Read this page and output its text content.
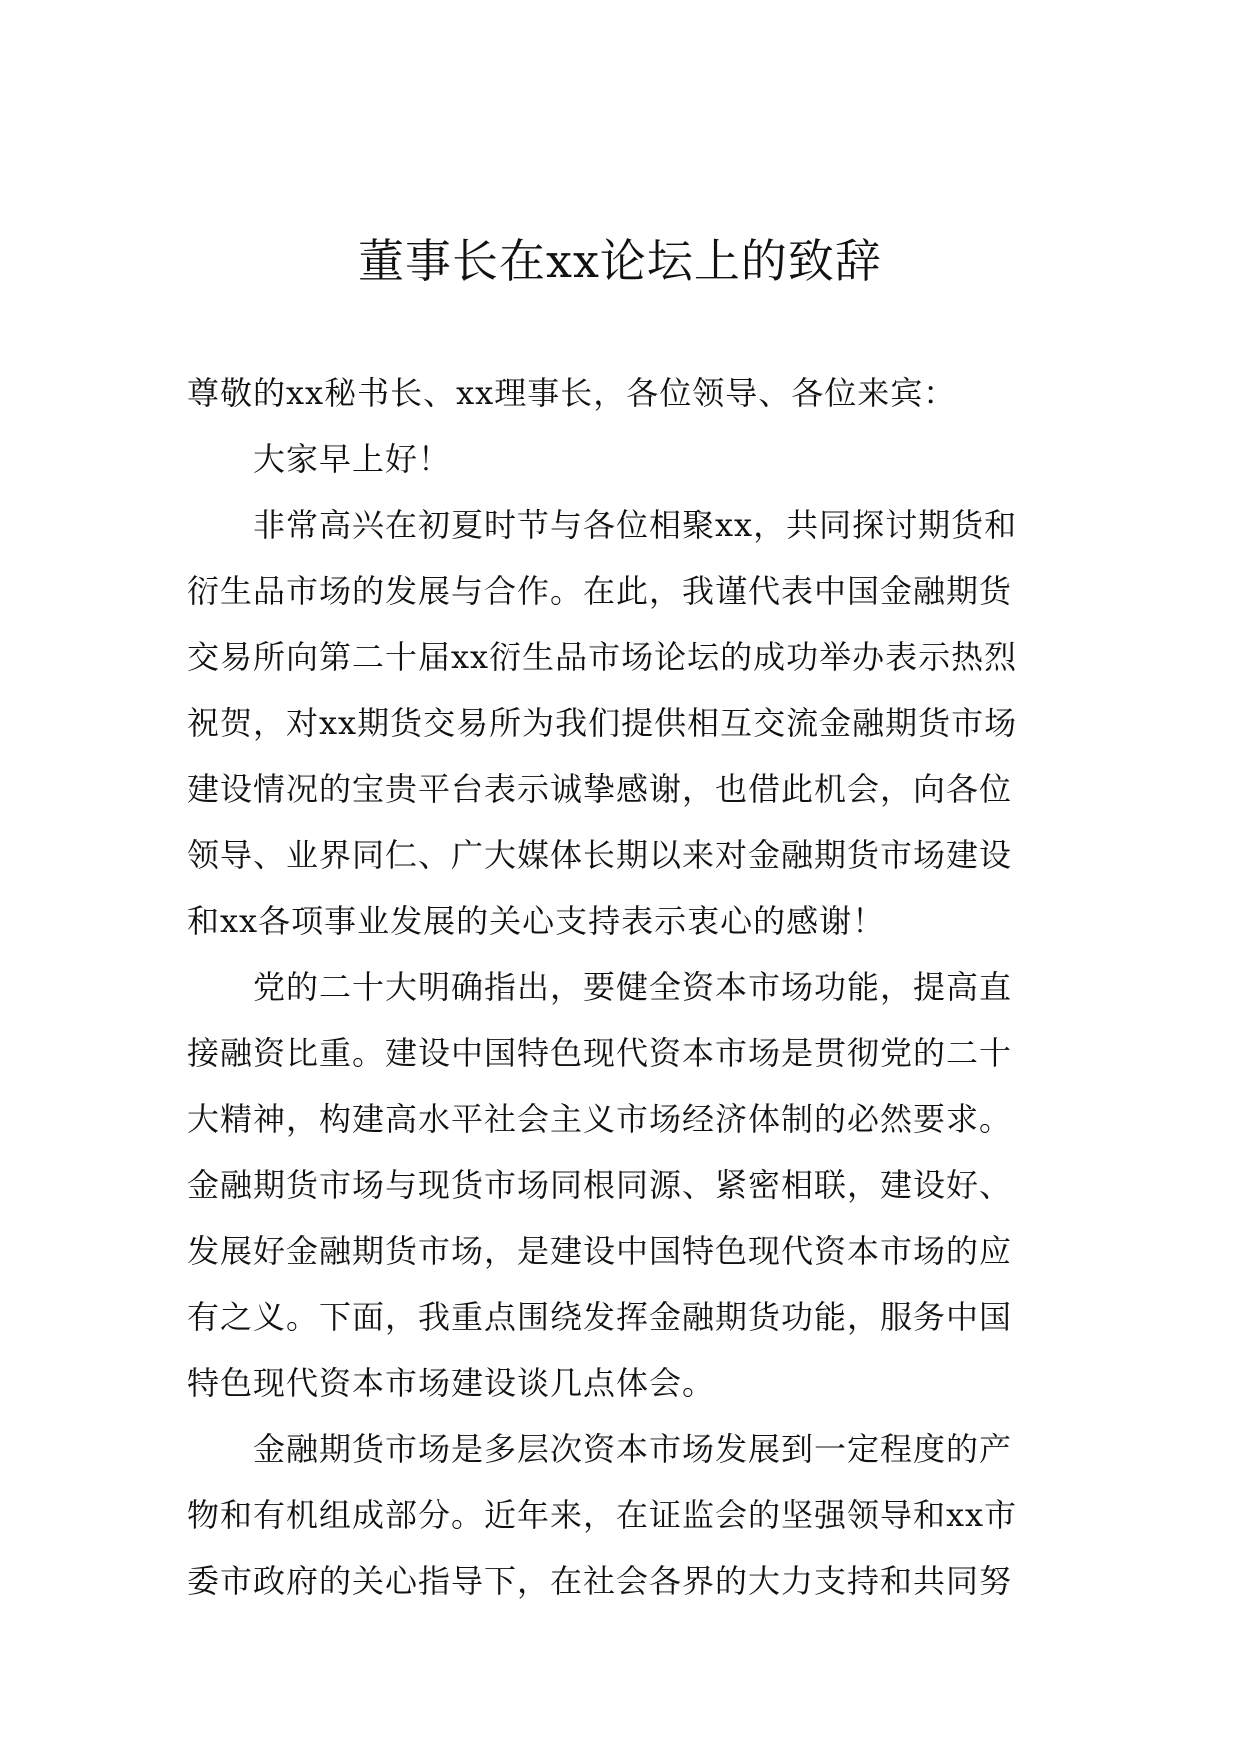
董事长在xx论坛上的致辞
尊敬的xx秘书长、xx理事长，各位领导、各位来宾：
大家早上好！
非常高兴在初夏时节与各位相聚xx，共同探讨期货和
衍生品市场的发展与合作。在此，我谨代表中国金融期货
交易所向第二十届xx衍生品市场论坛的成功举办表示热烈
祝贺，对xx期货交易所为我们提供相互交流金融期货市场
建设情况的宝贵平台表示诚挚感谢，也借此机会，向各位
领导、业界同仁、广大媒体长期以来对金融期货市场建设
和xx各项事业发展的关心支持表示衷心的感谢！
党的二十大明确指出，要健全资本市场功能，提高直
接融资比重。建设中国特色现代资本市场是贯彻党的二十
大精神，构建高水平社会主义市场经济体制的必然要求。
金融期货市场与现货市场同根同源、紧密相联，建设好、
发展好金融期货市场，是建设中国特色现代资本市场的应
有之义。下面，我重点围绕发挥金融期货功能，服务中国
特色现代资本市场建设谈几点体会。
金融期货市场是多层次资本市场发展到一定程度的产
物和有机组成部分。近年来，在证监会的坚强领导和xx市
委市政府的关心指导下，在社会各界的大力支持和共同努
